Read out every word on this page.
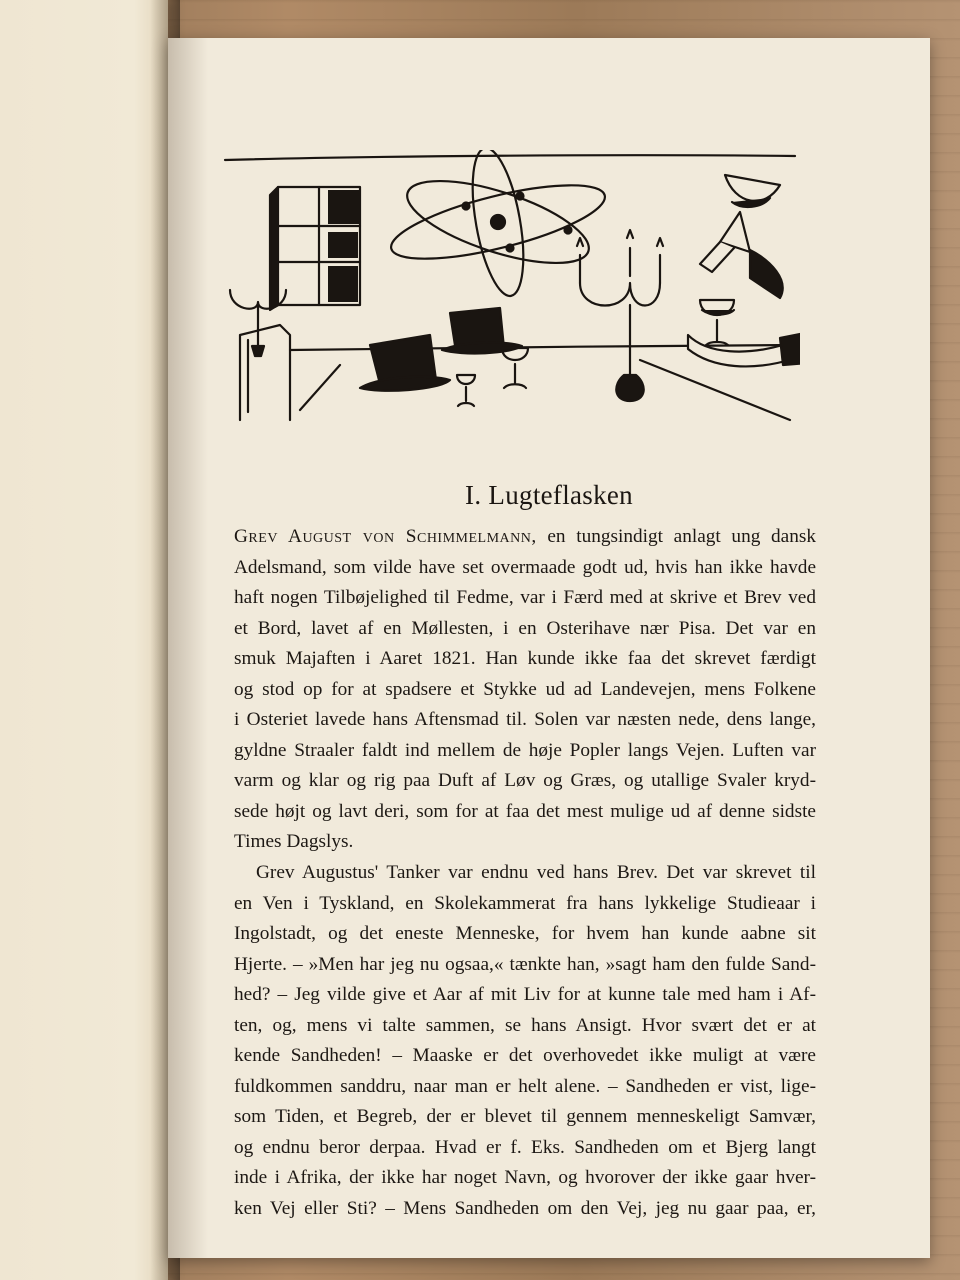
I. Lugteflasken
Grev August von Schimmelmann, en tungsindigt anlagt ung dansk
Adelsmand, som vilde have set overmaade godt ud, hvis han ikke havde
haft nogen Tilbøjelighed til Fedme, var i Færd med at skrive et Brev ved
et Bord, lavet af en Møllesten, i en Osterihave nær Pisa. Det var en
smuk Majaften i Aaret 1821. Han kunde ikke faa det skrevet færdigt
og stod op for at spadsere et Stykke ud ad Landevejen, mens Folkene
i Osteriet lavede hans Aftensmad til. Solen var næsten nede, dens lange,
gyldne Straaler faldt ind mellem de høje Popler langs Vejen. Luften var
varm og klar og rig paa Duft af Løv og Græs, og utallige Svaler kryd-
sede højt og lavt deri, som for at faa det mest mulige ud af denne sidste
Times Dagslys.
Grev Augustus' Tanker var endnu ved hans Brev. Det var skrevet til
en Ven i Tyskland, en Skolekammerat fra hans lykkelige Studieaar i
Ingolstadt, og det eneste Menneske, for hvem han kunde aabne sit
Hjerte. – »Men har jeg nu ogsaa,« tænkte han, »sagt ham den fulde Sand-
hed? – Jeg vilde give et Aar af mit Liv for at kunne tale med ham i Af-
ten, og, mens vi talte sammen, se hans Ansigt. Hvor svært det er at
kende Sandheden! – Maaske er det overhovedet ikke muligt at være
fuldkommen sanddru, naar man er helt alene. – Sandheden er vist, lige-
som Tiden, et Begreb, der er blevet til gennem menneskeligt Samvær,
og endnu beror derpaa. Hvad er f. Eks. Sandheden om et Bjerg langt
inde i Afrika, der ikke har noget Navn, og hvorover der ikke gaar hver-
ken Vej eller Sti? – Mens Sandheden om den Vej, jeg nu gaar paa, er,
